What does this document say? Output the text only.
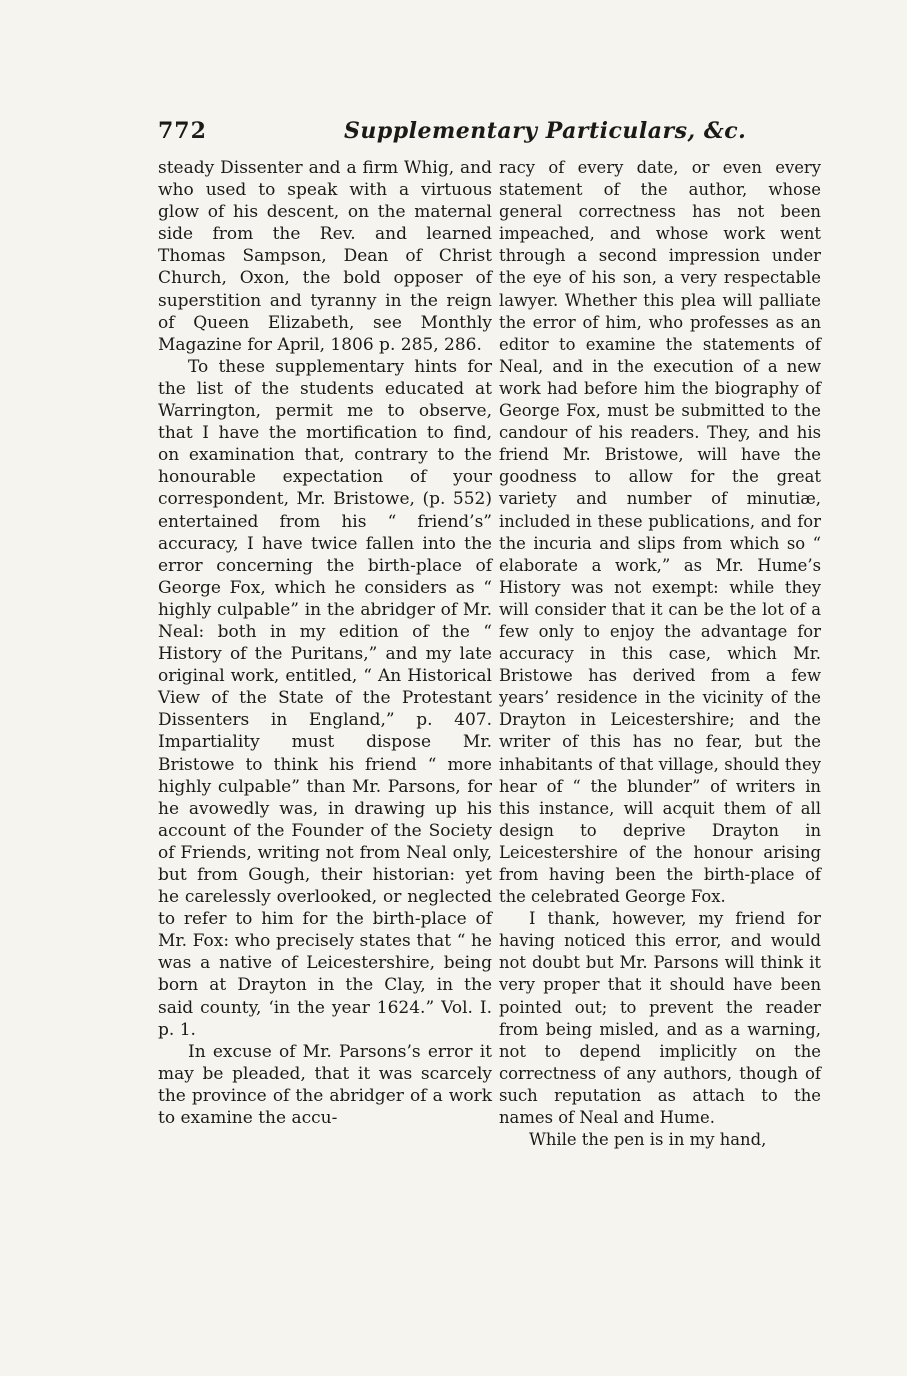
772	Supplementary Particulars, &c.

steady Dissenter and a firm Whig, and who used to speak with a virtuous glow of his descent, on the maternal side from the Rev. and learned Thomas Sampson, Dean of Christ Church, Oxon, the bold opposer of superstition and tyranny in the reign of Queen Elizabeth, see Monthly Magazine for April, 1806 p. 285, 286.

To these supplementary hints for the list of the students educated at Warrington, permit me to observe, that I have the mortification to find, on examination that, contrary to the honourable expectation of your correspondent, Mr. Bristowe, (p. 552) entertained from his “ friend’s” accuracy, I have twice fallen into the error concerning the birth-place of George Fox, which he considers as “ highly culpable” in the abridger of Mr. Neal: both in my edition of the “ History of the Puritans,” and my late original work, entitled, “ An Historical View of the State of the Protestant Dissenters in England,” p. 407. Impartiality must dispose Mr. Bristowe to think his friend “ more highly culpable” than Mr. Parsons, for he avowedly was, in drawing up his account of the Founder of the Society of Friends, writing not from Neal only, but from Gough, their historian: yet he carelessly overlooked, or neglected to refer to him for the birth-place of Mr. Fox: who precisely states that “ he was a native of Leicestershire, being born at Drayton in the Clay, in the said county, ‘in the year 1624.” Vol. I. p. 1.

In excuse of Mr. Parsons’s error it may be pleaded, that it was scarcely the province of the abridger of a work to examine the accu-

racy of every date, or even every statement of the author, whose general correctness has not been impeached, and whose work went through a second impression under the eye of his son, a very respectable lawyer. Whether this plea will palliate the error of him, who professes as an editor to examine the statements of Neal, and in the execution of a new work had before him the biography of George Fox, must be submitted to the candour of his readers. They, and his friend Mr. Bristowe, will have the goodness to allow for the great variety and number of minutiæ, included in these publications, and for the incuria and slips from which so “ elaborate a work,” as Mr. Hume’s History was not exempt: while they will consider that it can be the lot of a few only to enjoy the advantage for accuracy in this case, which Mr. Bristowe has derived from a few years’ residence in the vicinity of the Drayton in Leicestershire; and the writer of this has no fear, but the inhabitants of that village, should they hear of “ the blunder” of writers in this instance, will acquit them of all design to deprive Drayton in Leicestershire of the honour arising from having been the birth-place of the celebrated George Fox.

I thank, however, my friend for having noticed this error, and would not doubt but Mr. Parsons will think it very proper that it should have been pointed out; to prevent the reader from being misled, and as a warning, not to depend implicitly on the correctness of any authors, though of such reputation as attach to the names of Neal and Hume.

While the pen is in my hand,
